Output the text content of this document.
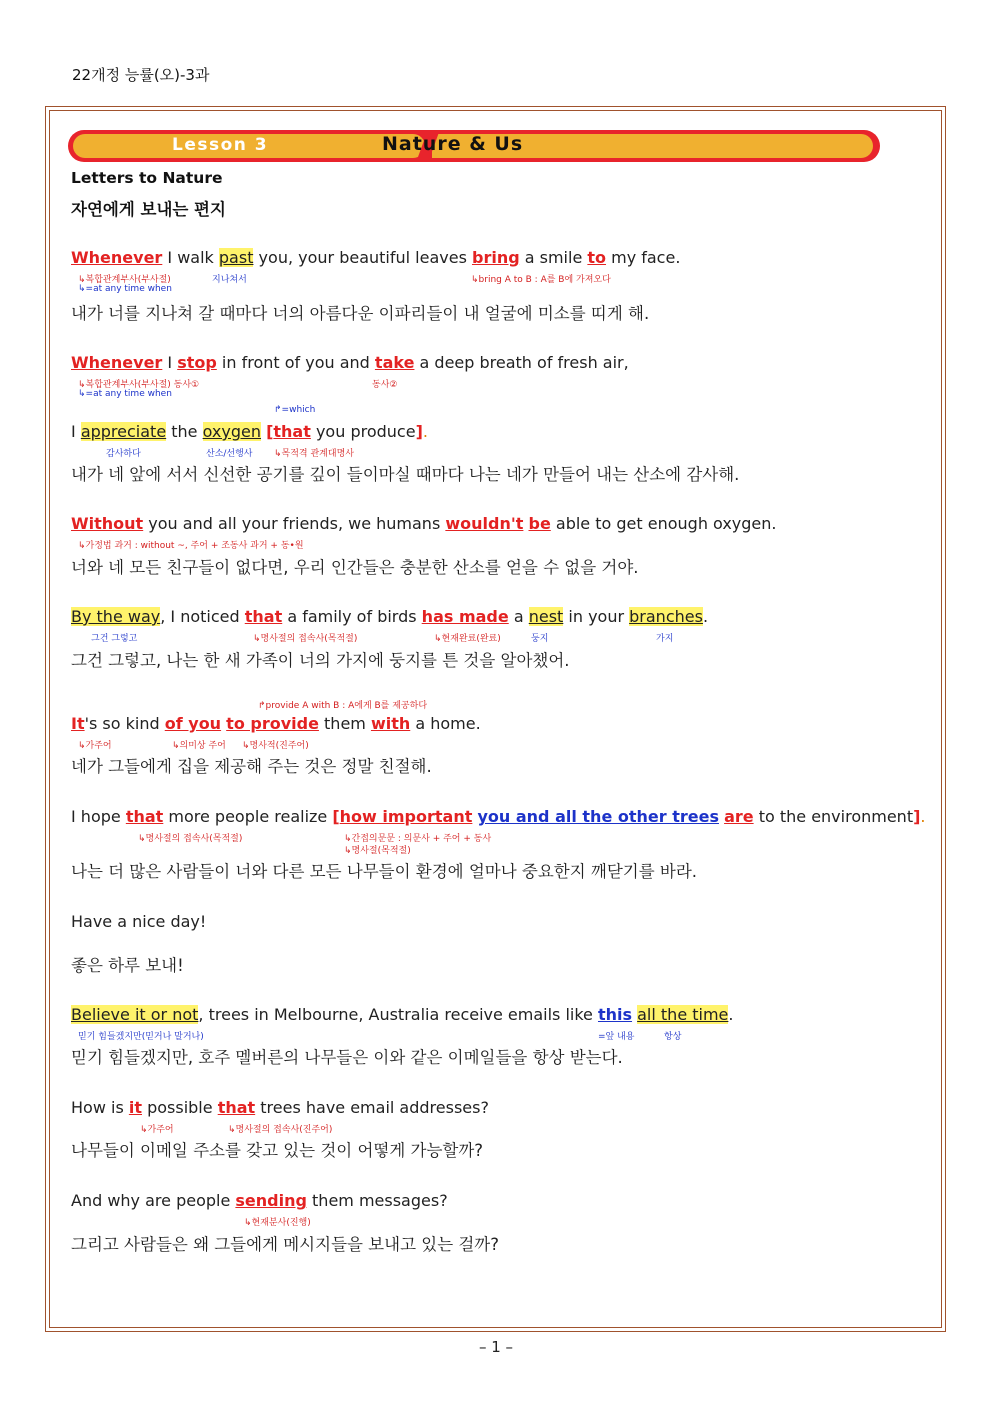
22개정 능률(오)-3과
Lesson 3	Nature & Us
Letters to Nature
자연에게 보내는 편지
Whenever I walk past you, your beautiful leaves bring a smile to my face.
↳복합관계부사(부사절)
↳=at any time when
지나쳐서	↳bring A to B : A를 B에 가져오다
내가 너를 지나쳐 갈 때마다 너의 아름다운 이파리들이 내 얼굴에 미소를 띠게 해.
Whenever I stop in front of you and take a deep breath of fresh air,
↳복합관계부사(부사절) 동사①
↳=at any time when
동사②
↱=which
I appreciate the oxygen [that you produce].
감사하다	산소/선행사 ↳목적격 관계대명사
내가 네 앞에 서서 신선한 공기를 깊이 들이마실 때마다 나는 네가 만들어 내는 산소에 감사해.
Without you and all your friends, we humans wouldn't be able to get enough oxygen.
↳가정법 과거 : without ~, 주어 + 조동사 과거 + 동•원
너와 네 모든 친구들이 없다면, 우리 인간들은 충분한 산소를 얻을 수 없을 거야.
By the way, I noticed that a family of birds has made a nest in your branches.
그건 그렇고	↳명사절의 접속사(목적절)	↳현재완료(완료)	둥지	가지
그건 그렇고, 나는 한 새 가족이 너의 가지에 둥지를 튼 것을 알아챘어.
↱provide A with B : A에게 B를 제공하다
It's so kind of you to provide them with a home.
↳가주어	↳의미상 주어 ↳명사적(진주어)
네가 그들에게 집을 제공해 주는 것은 정말 친절해.
I hope that more people realize [how important you and all the other trees are to the environment].
↳명사절의 접속사(목적절)	↳간접의문문 : 의문사 + 주어 + 동사
↳명사절(목적절)
나는 더 많은 사람들이 너와 다른 모든 나무들이 환경에 얼마나 중요한지 깨닫기를 바라.
Have a nice day!
좋은 하루 보내!
Believe it or not, trees in Melbourne, Australia receive emails like this all the time.
믿기 힘들겠지만(믿거나 말거나)	=앞 내용	항상
믿기 힘들겠지만, 호주 멜버른의 나무들은 이와 같은 이메일들을 항상 받는다.
How is it possible that trees have email addresses?
↳가주어	↳명사절의 접속사(진주어)
나무들이 이메일 주소를 갖고 있는 것이 어떻게 가능할까?
And why are people sending them messages?
↳현재분사(진행)
그리고 사람들은 왜 그들에게 메시지들을 보내고 있는 걸까?
– 1 –
